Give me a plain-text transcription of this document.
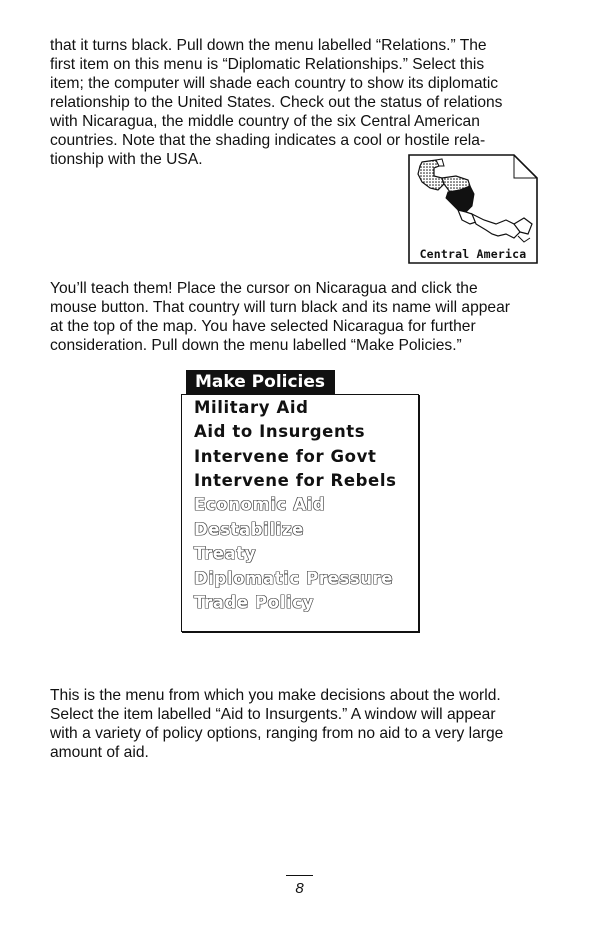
that it turns black. Pull down the menu labelled “Relations.” The
first item on this menu is “Diplomatic Relationships.” Select this
item; the computer will shade each country to show its diplomatic
relationship to the United States. Check out the status of relations
with Nicaragua, the middle country of the six Central American
countries. Note that the shading indicates a cool or hostile rela-
tionship with the USA.

Central America

You’ll teach them! Place the cursor on Nicaragua and click the
mouse button. That country will turn black and its name will appear
at the top of the map. You have selected Nicaragua for further
consideration. Pull down the menu labelled “Make Policies.”

Make Policies
Military Aid
Aid to Insurgents
Intervene for Govt
Intervene for Rebels
Economic Aid
Destabilize
Treaty
Diplomatic Pressure
Trade Policy

This is the menu from which you make decisions about the world.
Select the item labelled “Aid to Insurgents.” A window will appear
with a variety of policy options, ranging from no aid to a very large
amount of aid.

8
